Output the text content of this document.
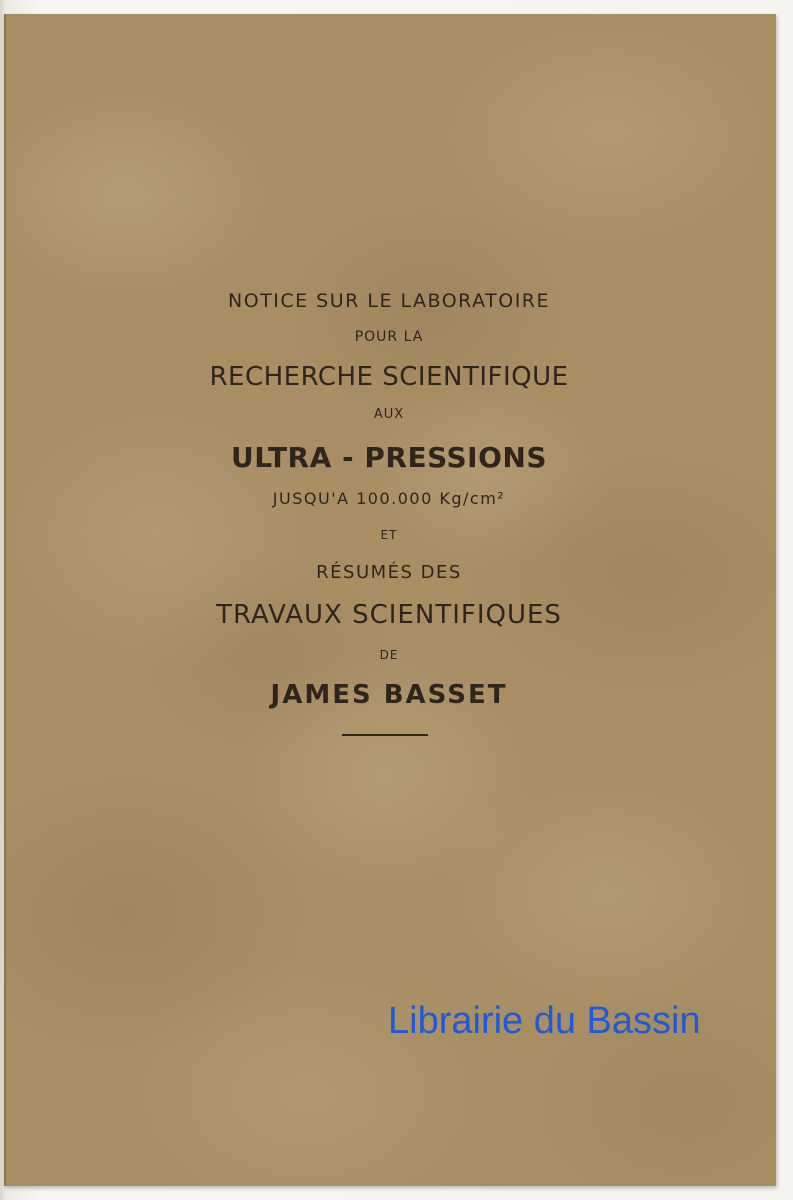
NOTICE SUR LE LABORATOIRE
POUR LA
RECHERCHE SCIENTIFIQUE
AUX
ULTRA - PRESSIONS
JUSQU'A 100.000 Kg/cm²
ET
RÉSUMÉS DES
TRAVAUX SCIENTIFIQUES
DE
JAMES BASSET
Librairie du Bassin
